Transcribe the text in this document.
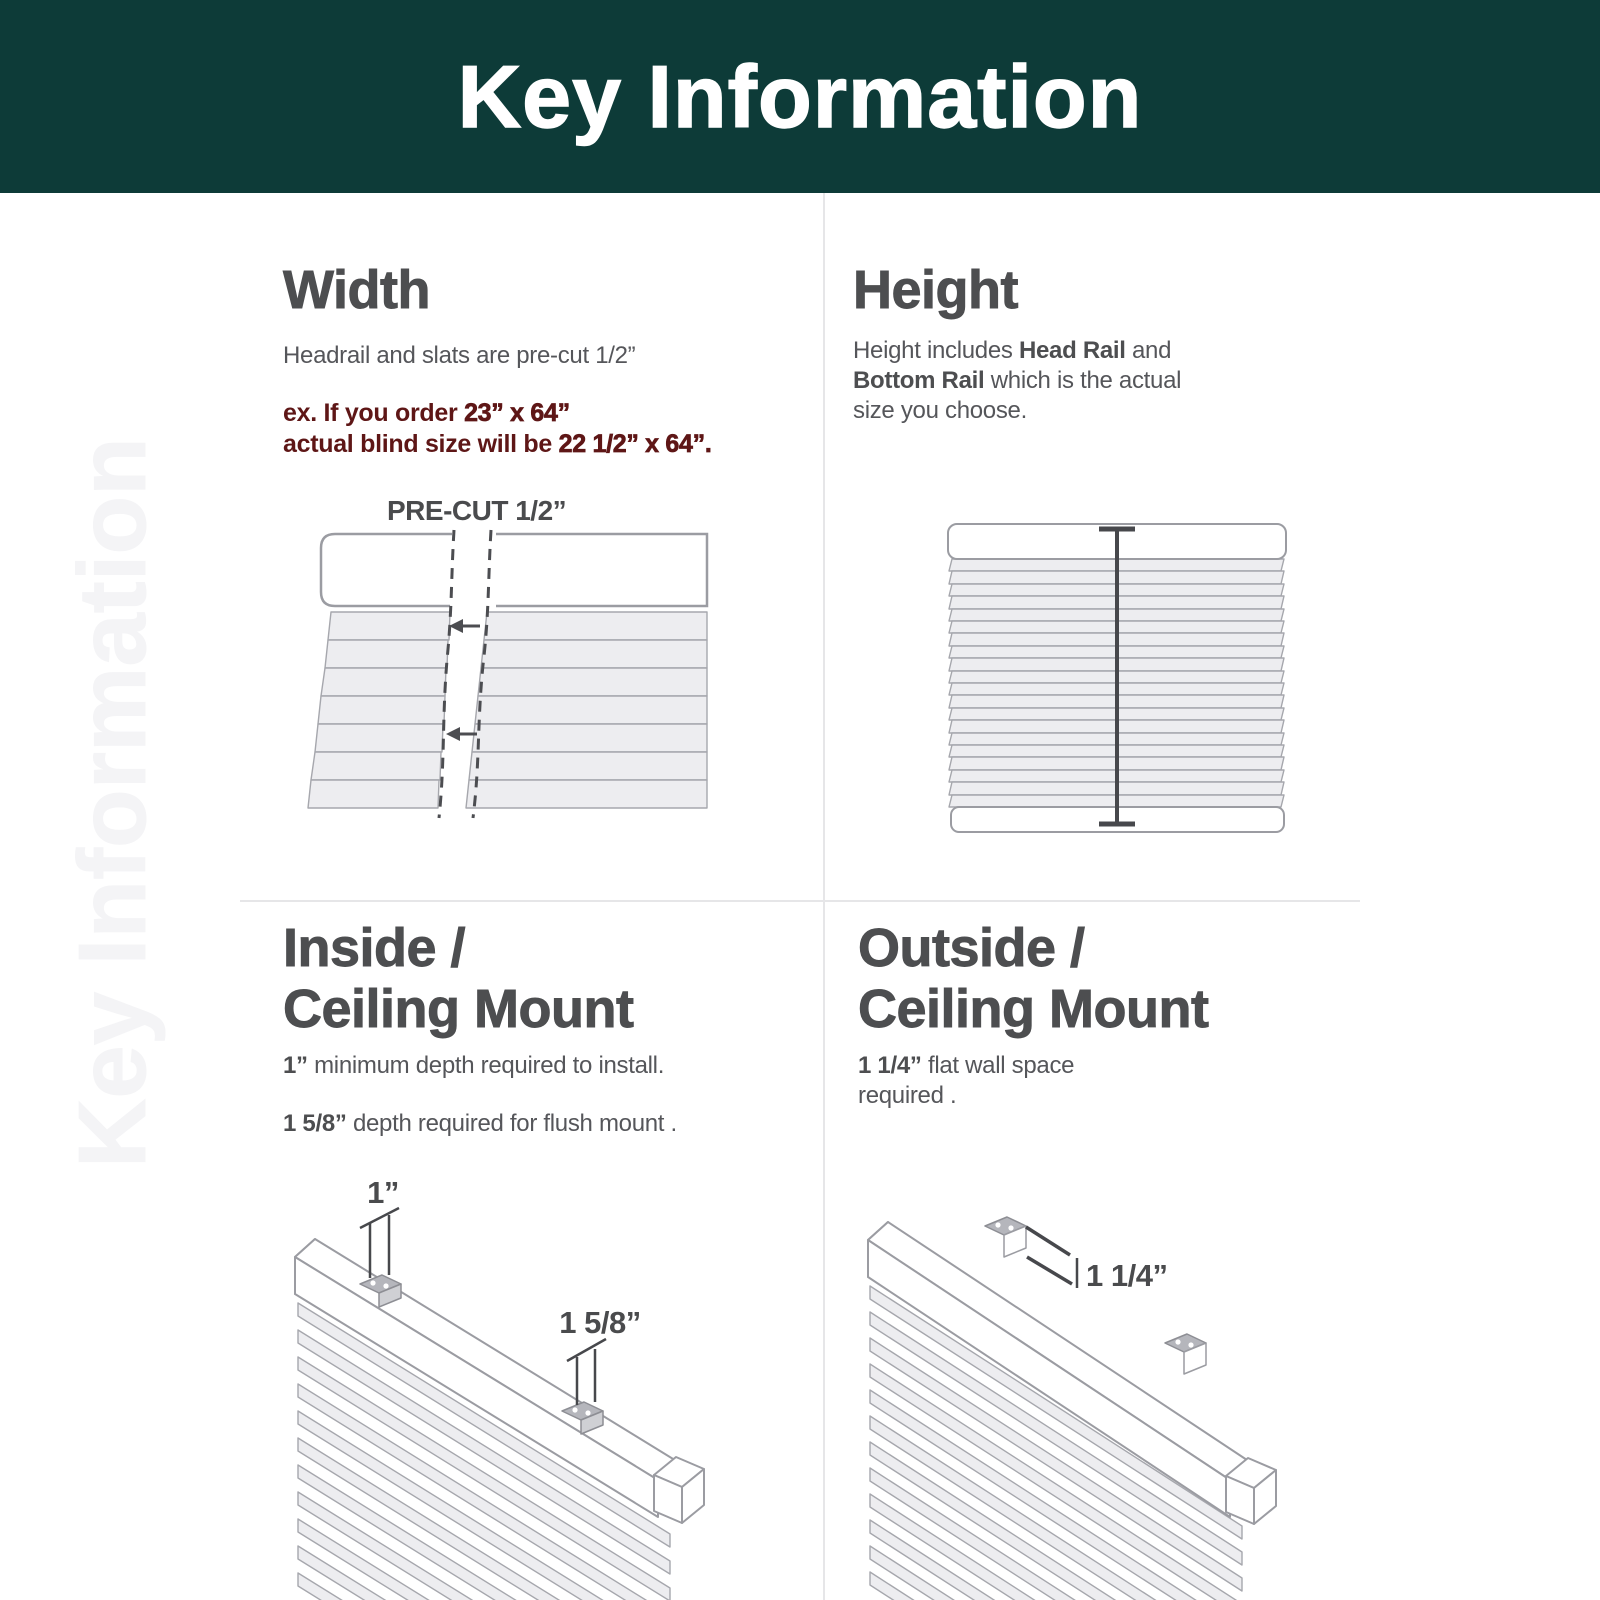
Key Information
Key Information
Width

Headrail and slats are pre-cut 1/2”

ex. If you order 23” x 64”
actual blind size will be 22 1/2” x 64”.

PRE-CUT 1/2”
Height

Height includes Head Rail and
Bottom Rail which is the actual
size you choose.

Inside /
Ceiling Mount

1” minimum depth required to install.

1 5/8” depth required for flush mount .

1”
1 5/8”
Outside /
Ceiling Mount

1 1/4” flat wall space
required .

1 1/4”
